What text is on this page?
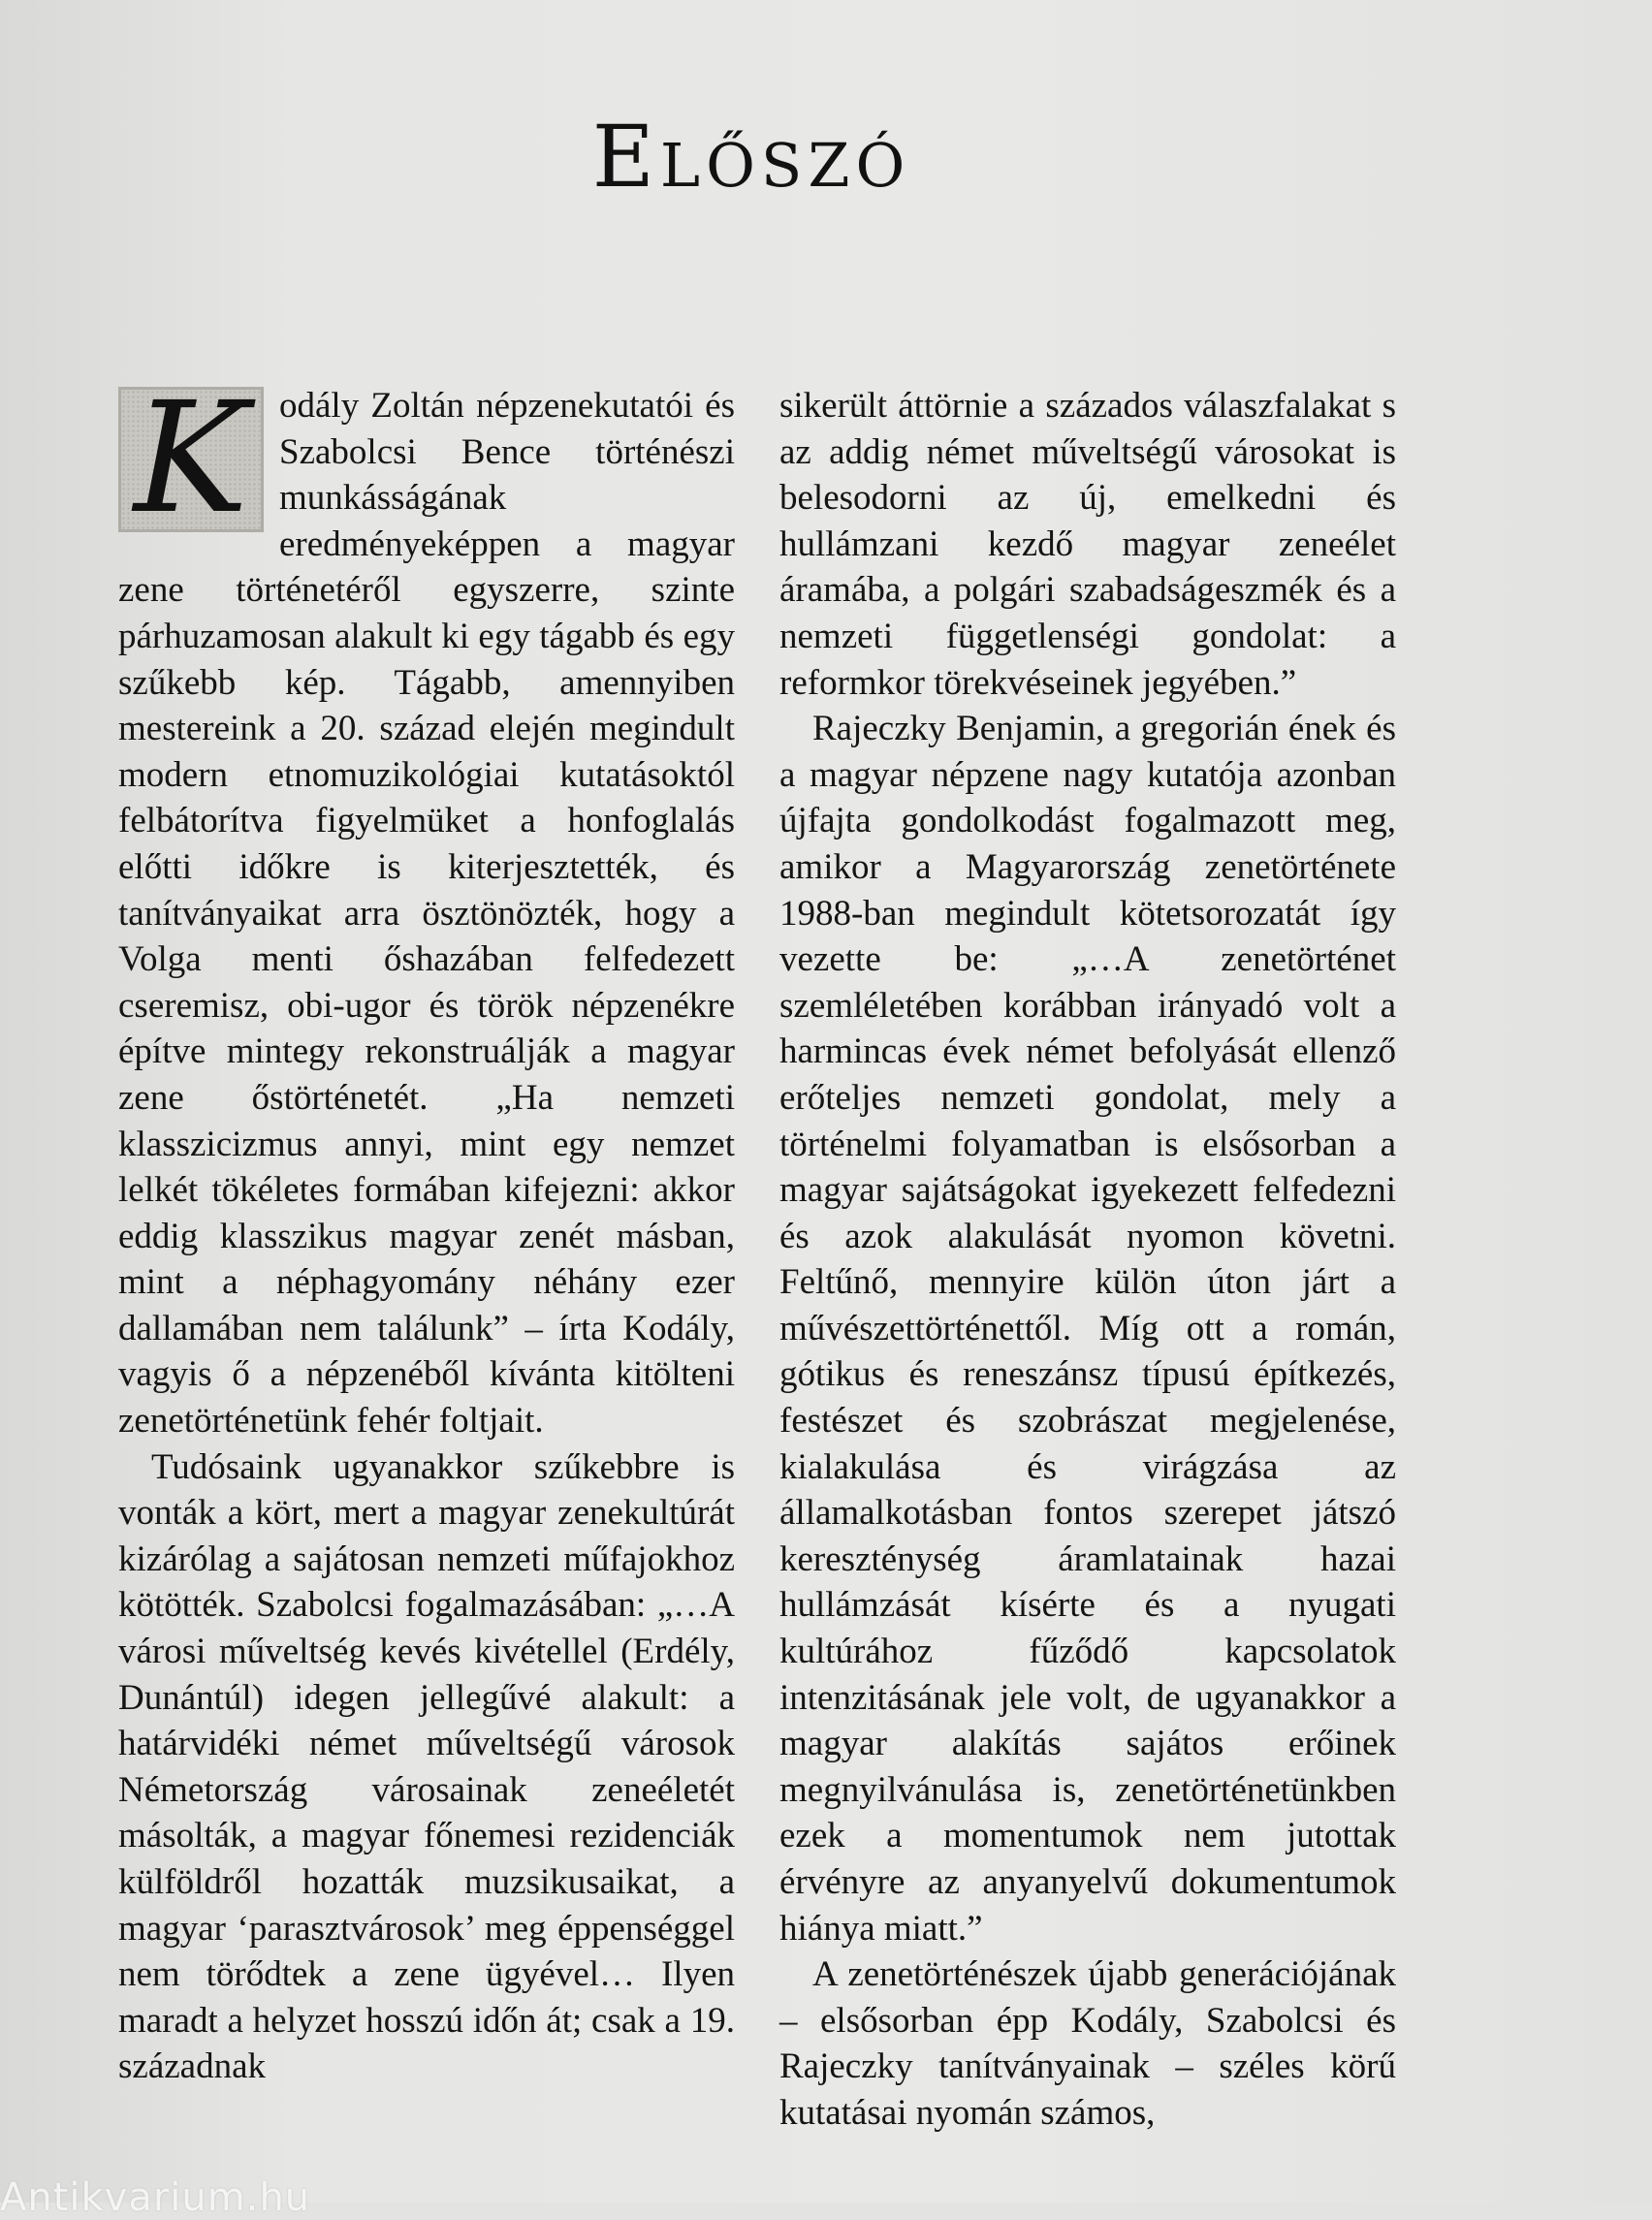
Előszó

K odály Zoltán népzenekutatói és Szabolcsi Bence történészi munkásságának eredményeképpen a magyar zene történetéről egyszerre, szinte párhuzamosan alakult ki egy tágabb és egy szűkebb kép. Tágabb, amennyiben mestereink a 20. század elején megindult modern etnomuzikológiai kutatásoktól felbátorítva figyelmüket a honfoglalás előtti időkre is kiterjesztették, és tanítványaikat arra ösztönözték, hogy a Volga menti őshazában felfedezett cseremisz, obi-ugor és török népzenékre építve mintegy rekonstruálják a magyar zene őstörténetét. „Ha nemzeti klasszicizmus annyi, mint egy nemzet lelkét tökéletes formában kifejezni: akkor eddig klasszikus magyar zenét másban, mint a néphagyomány néhány ezer dallamában nem találunk” – írta Kodály, vagyis ő a népzenéből kívánta kitölteni zenetörténetünk fehér foltjait.

Tudósaink ugyanakkor szűkebbre is vonták a kört, mert a magyar zenekultúrát kizárólag a sajátosan nemzeti műfajokhoz kötötték. Szabolcsi fogalmazásában: „…A városi műveltség kevés kivétellel (Erdély, Dunántúl) idegen jellegűvé alakult: a határvidéki német műveltségű városok Németország városainak zeneéletét másolták, a magyar főnemesi rezidenciák külföldről hozatták muzsikusaikat, a magyar ‘parasztvárosok’ meg éppenséggel nem törődtek a zene ügyével… Ilyen maradt a helyzet hosszú időn át; csak a 19. századnak

sikerült áttörnie a százados válaszfalakat s az addig német műveltségű városokat is belesodorni az új, emelkedni és hullámzani kezdő magyar zeneélet áramába, a polgári szabadságeszmék és a nemzeti függetlenségi gondolat: a reformkor törekvéseinek jegyében.”

Rajeczky Benjamin, a gregorián ének és a magyar népzene nagy kutatója azonban újfajta gondolkodást fogalmazott meg, amikor a Magyarország zenetörténete 1988-ban megindult kötetsorozatát így vezette be: „…A zenetörténet szemléletében korábban irányadó volt a harmincas évek német befolyását ellenző erőteljes nemzeti gondolat, mely a történelmi folyamatban is elsősorban a magyar sajátságokat igyekezett felfedezni és azok alakulását nyomon követni. Feltűnő, mennyire külön úton járt a művészettörténettől. Míg ott a román, gótikus és reneszánsz típusú építkezés, festészet és szobrászat megjelenése, kialakulása és virágzása az államalkotásban fontos szerepet játszó kereszténység áramlatainak hazai hullámzását kísérte és a nyugati kultúrához fűződő kapcsolatok intenzitásának jele volt, de ugyanakkor a magyar alakítás sajátos erőinek megnyilvánulása is, zenetörténetünkben ezek a momentumok nem jutottak érvényre az anyanyelvű dokumentumok hiánya miatt.”

A zenetörténészek újabb generációjának – elsősorban épp Kodály, Szabolcsi és Rajeczky tanítványainak – széles körű kutatásai nyomán számos,

Antikvarium.hu
